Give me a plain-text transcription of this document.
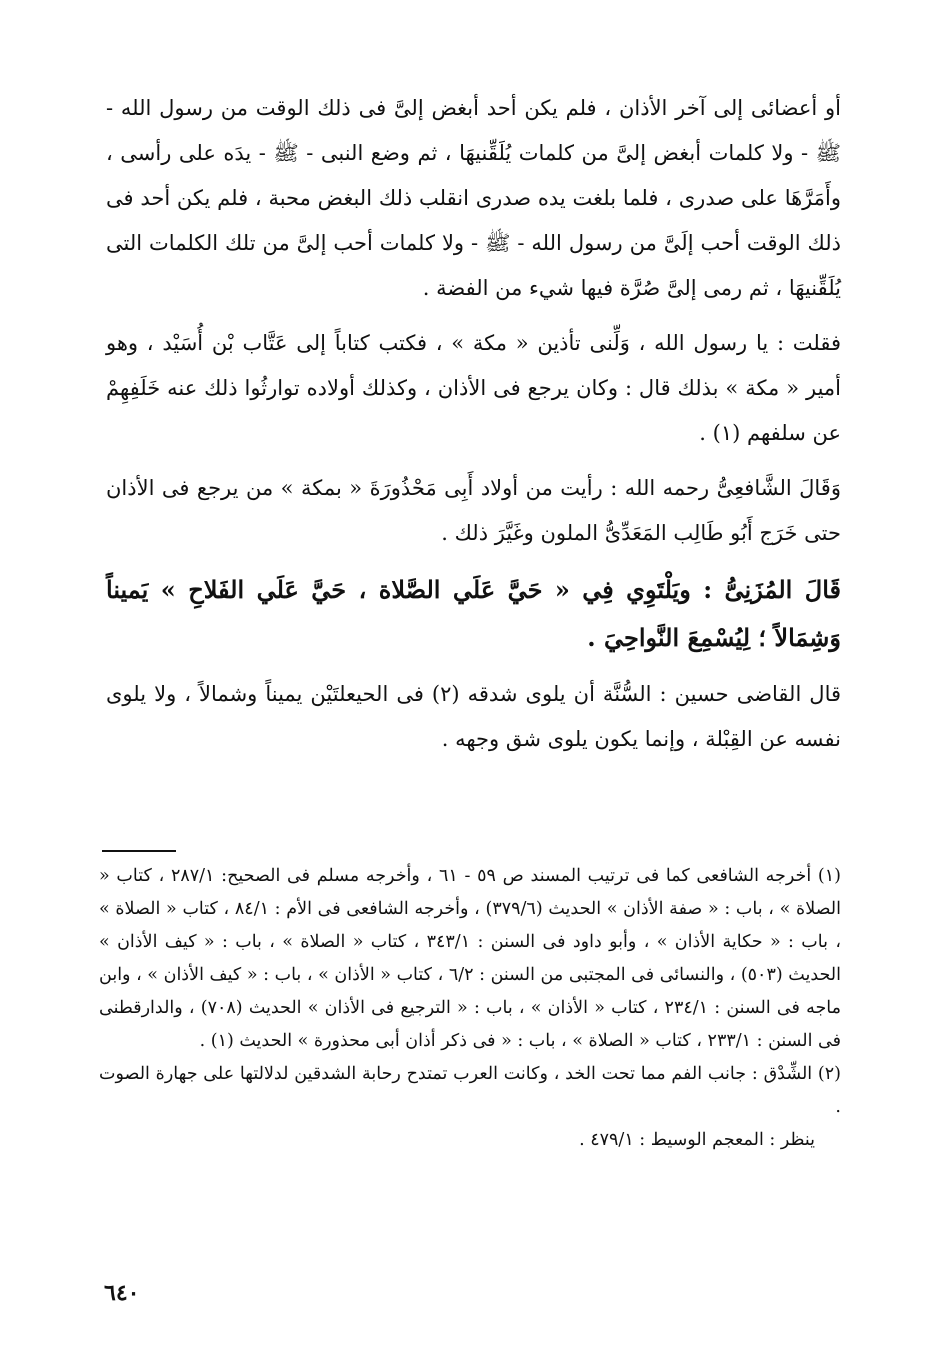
أو أعضائى إلى آخر الأذان ، فلم يكن أحد أبغض إلىَّ فى ذلك الوقت من رسول الله - ﷺ - ولا كلمات أبغض إلىَّ من كلمات يُلَقِّنيهَا ، ثم وضع النبى - ﷺ - يدَه على رأسى ، وأَمَرَّهَا على صدرى ، فلما بلغت يده صدرى انقلب ذلك البغض محبة ، فلم يكن أحد فى ذلك الوقت أحب إلَىَّ من رسول الله - ﷺ - ولا كلمات أحب إلىَّ من تلك الكلمات التى يُلَقِّنيهَا ، ثم رمى إلىَّ صُرَّة فيها شيء من الفضة .

فقلت : يا رسول الله ، وَلِّنى تأذين « مكة » ، فكتب كتاباً إلى عَتَّاب بْن أُسَيْد ، وهو أمير « مكة » بذلك قال : وكان يرجع فى الأذان ، وكذلك أولاده توارثُوا ذلك عنه خَلَفِهِمْ عن سلفهم (١) .

وَقَالَ الشَّافعِىُّ رحمه الله : رأيت من أولاد أَبِى مَحْذُورَةَ « بمكة » من يرجع فى الأذان حتى خَرَج أَبُو طَالِب المَعَدِّىُّ الملون وغَيَّرَ ذلك .

قَالَ المُزَنِىُّ : ويَلْتَوِي فِي « حَيَّ عَلَي الصَّلاة ، حَيَّ عَلَي الفَلاحِ » يَميناً وَشِمَالاً ؛ لِيُسْمِعَ النَّواحِيَ .

قال القاضى حسين : السُّنَّة أن يلوى شدقه (٢) فى الحيعلتَيْن يميناً وشمالاً ، ولا يلوى نفسه عن القِبْلة ، وإنما يكون يلوى شق وجهه .

(١) أخرجه الشافعى كما فى ترتيب المسند ص ٥٩ - ٦١ ، وأخرجه مسلم فى الصحيح: ٢٨٧/١ ، كتاب « الصلاة » ، باب : « صفة الأذان » الحديث (٣٧٩/٦) ، وأخرجه الشافعى فى الأم : ٨٤/١ ، كتاب « الصلاة » ، باب : « حكاية الأذان » ، وأبو داود فى السنن : ٣٤٣/١ ، كتاب « الصلاة » ، باب : « كيف الأذان » الحديث (٥٠٣) ، والنسائى فى المجتبى من السنن : ٦/٢ ، كتاب « الأذان » ، باب : « كيف الأذان » ، وابن ماجه فى السنن : ٢٣٤/١ ، كتاب « الأذان » ، باب : « الترجيع فى الأذان » الحديث (٧٠٨) ، والدارقطنى فى السنن : ٢٣٣/١ ، كتاب « الصلاة » ، باب : « فى ذكر أذان أبى محذورة » الحديث (١) .

(٢) الشِّدْق : جانب الفم مما تحت الخد ، وكانت العرب تمتدح رحابة الشدقين لدلالتها على جهارة الصوت .

ينظر : المعجم الوسيط : ٤٧٩/١ .

٦٤٠
